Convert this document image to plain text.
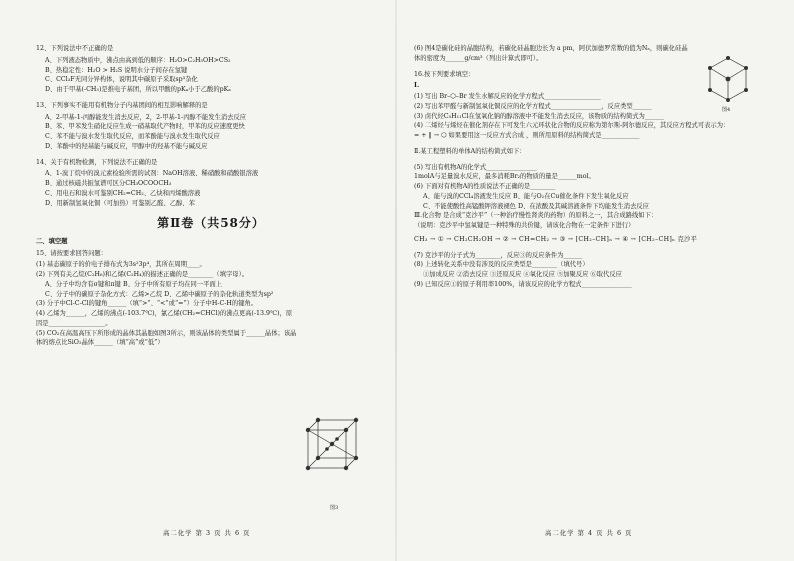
12、下列说法中不正确的是
A、下列液态物质中，沸点由高到低的顺序：H₂O>C₂H₅OH>CS₂
B、热稳定性：H₂O > H₂S 说明水分子间存在氢键
C、CCl₃F无同分异构体，说明其中碳原子采取sp³杂化
D、由于甲基(-CH₃)是推电子基团，所以甲酸的pKₐ小于乙酸的pKₐ
13、下列事实不能用有机物分子内基团间的相互影响解释的是
A、2-甲基-1-丙醇能发生消去反应，2，2-甲基-1-丙醇不能发生消去反应
B、苯、甲苯发生硝化反应生成一硝基取代产物时，甲苯的反应速度更快
C、苯不能与溴水发生取代反应，而苯酚能与溴水发生取代反应
D、苯酚中的羟基能与碱反应，甲醇中的羟基不能与碱反应
14、关于有机物检测，下列说法不正确的是
A、1-溴丁烷中的溴元素检验所需的试剂：NaOH溶液、稀硝酸和硝酸银溶液
B、通过核磁共振氢谱可区分CH₃OCOOCH₃
C、用电石和溴水可鉴别CH₂=CH₂、乙炔和丙烯酸溶液
D、用新制氢氧化铜（可加热）可鉴别乙醛、乙醇、苯
第Ⅱ卷（共58分）
二、填空题
15、请按要求回答问题：
(1) 基态碳原子的价电子排布式为3s²3p⁴，其所在周期____。
(2) 下列有关乙烷(C₂H₆)和乙烯(C₂H₄)的描述正确的是________（填字母）。
A、分子中均含有σ键和π键 B、分子中所有原子均在同一平面上
C、分子中的碳原子杂化方式：乙烯>乙烷 D、乙烯中碳原子的杂化轨道类型为sp²
(3) 分子中Cl-C-Cl的键角______（填“>”、“<”或“=”）分子中H-C-H的键角。
(4) 乙烯为______，乙烯的沸点(-103.7℃)，氯乙烯(CH₂=CHCl)的沸点更高(-13.9℃)，原因是__________________。
(5) CO₂在高温高压下所形成的晶体其晶胞如图3所示，则该晶体的类型属于______晶体；该晶体的熔点比SiO₂晶体______（填“高”或“低”）
图3
高二化学 第 3 页 共 6 页
(6) 图4是碳化硅的晶胞结构，若碳化硅晶胞边长为 a pm，阿伏加德罗常数的值为Nₐ，则碳化硅晶体的密度为______g/cm³（列出计算式即可）。
16.按下列要求填空：
Ⅰ.
(1) 写出 Br–⬡–Br 发生水解反应的化学方程式__________________
(2) 写出苯甲醛与新制氢氧化铜反应的化学方程式________________，反应类型______
(3) 卤代烃C₅H₁₁Cl在氢氧化钠的醇溶液中不能发生消去反应，该物质的结构简式为______
(4) 二烯烃与烯烃在催化剂存在下可发生六元环状化合物的反应称为第尔斯-阿尔德反应，其反应方程式可表示为：
= + ‖ → ⬡ 如果要用这一反应方式合成 ，则所用原料的结构简式是____________
Ⅱ.某工程塑料的单体A的结构简式如下：
(5) 写出有机物A的化学式________________
1molA与足量溴水反应，最多消耗Br₂的物质的量是______mol。
(6) 下面对有机物A的性质说法不正确的是________
A、能与溴的CCl₄溶液发生反应 B、能与O₂在Cu催化条件下发生氧化反应
C、不能使酸性高锰酸钾溶液褪色 D、在浓酸及其碱溶液条件下均能发生消去反应
Ⅲ.化合物 是合成“克沙平”（一种治疗慢性肾炎的药物）的原料之一，其合成路线如下：
（说明：克沙平中氢氧键是一种特殊的共价键，请该化合物在一定条件下进行）
CH₃ → ① → CH₂CH₂OH → ② → CH=CH₂ → ③ → [CH₂–CH]ₙ → ④ → [CH₂–CH]ₙ 克沙平
(7) 克沙平的分子式为________，反应③的反应条件为______
(8) 上述转化关系中没有涉及的反应类型是________（填代号）
①加成反应 ②消去反应 ③还原反应 ④氧化反应 ⑤加聚反应 ⑥取代反应
(9) 已知反应①的原子利用率100%，请该反应的化学方程式________________
图4
高二化学 第 4 页 共 6 页
